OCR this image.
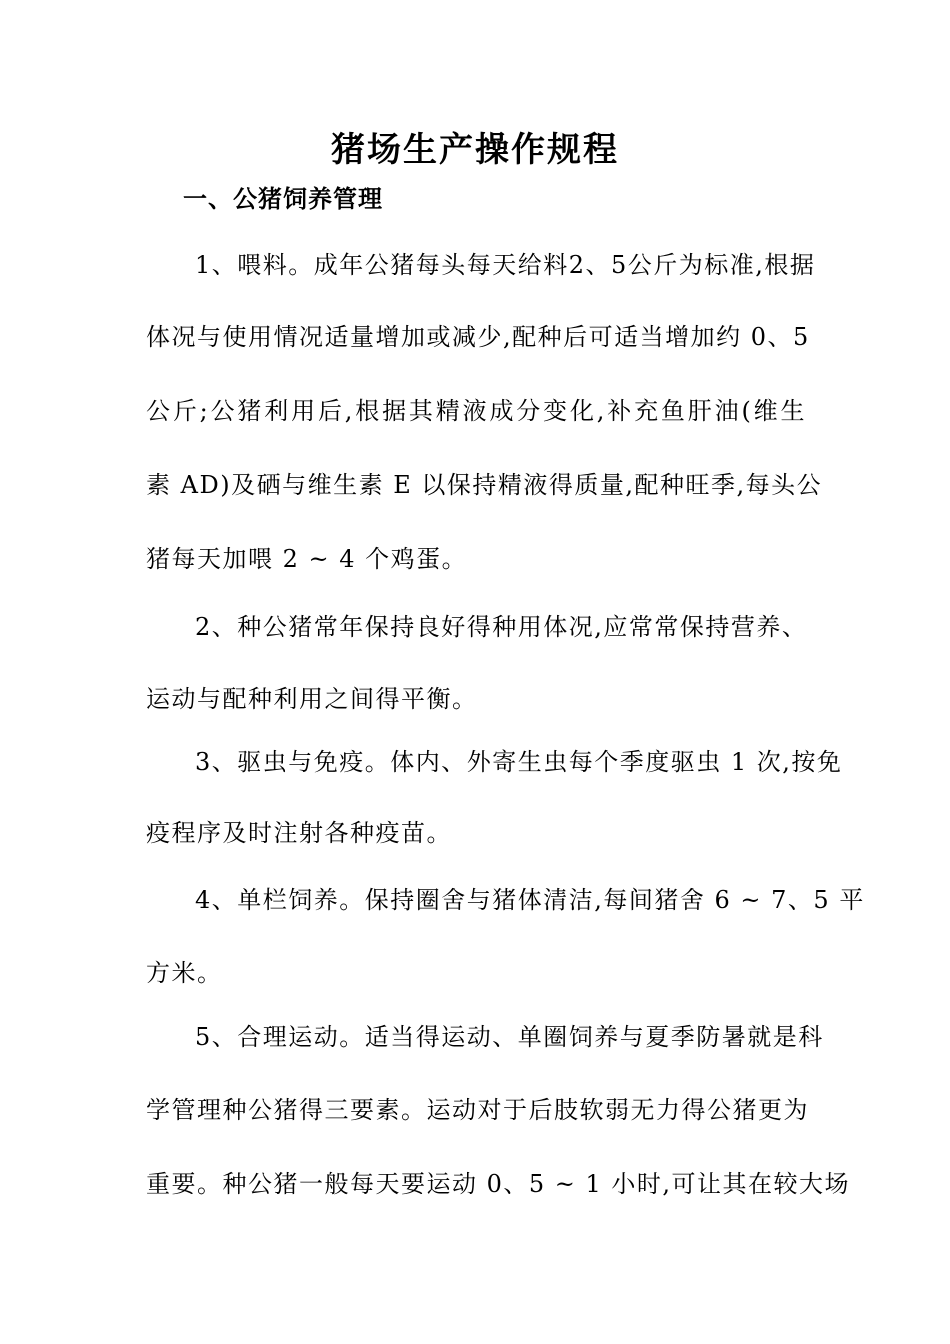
猪场生产操作规程
一、公猪饲养管理
1、喂料。成年公猪每头每天给料2、5公斤为标准,根据
体况与使用情况适量增加或减少,配种后可适当增加约 0、5
公斤;公猪利用后,根据其精液成分变化,补充鱼肝油(维生
素 AD)及硒与维生素 E 以保持精液得质量,配种旺季,每头公
猪每天加喂 2 ~ 4 个鸡蛋。
2、种公猪常年保持良好得种用体况,应常常保持营养、
运动与配种利用之间得平衡。
3、驱虫与免疫。体内、外寄生虫每个季度驱虫 1 次,按免
疫程序及时注射各种疫苗。
4、单栏饲养。保持圈舍与猪体清洁,每间猪舍 6 ~ 7、5 平
方米。
5、合理运动。适当得运动、单圈饲养与夏季防暑就是科
学管理种公猪得三要素。运动对于后肢软弱无力得公猪更为
重要。种公猪一般每天要运动 0、5 ~ 1 小时,可让其在较大场
